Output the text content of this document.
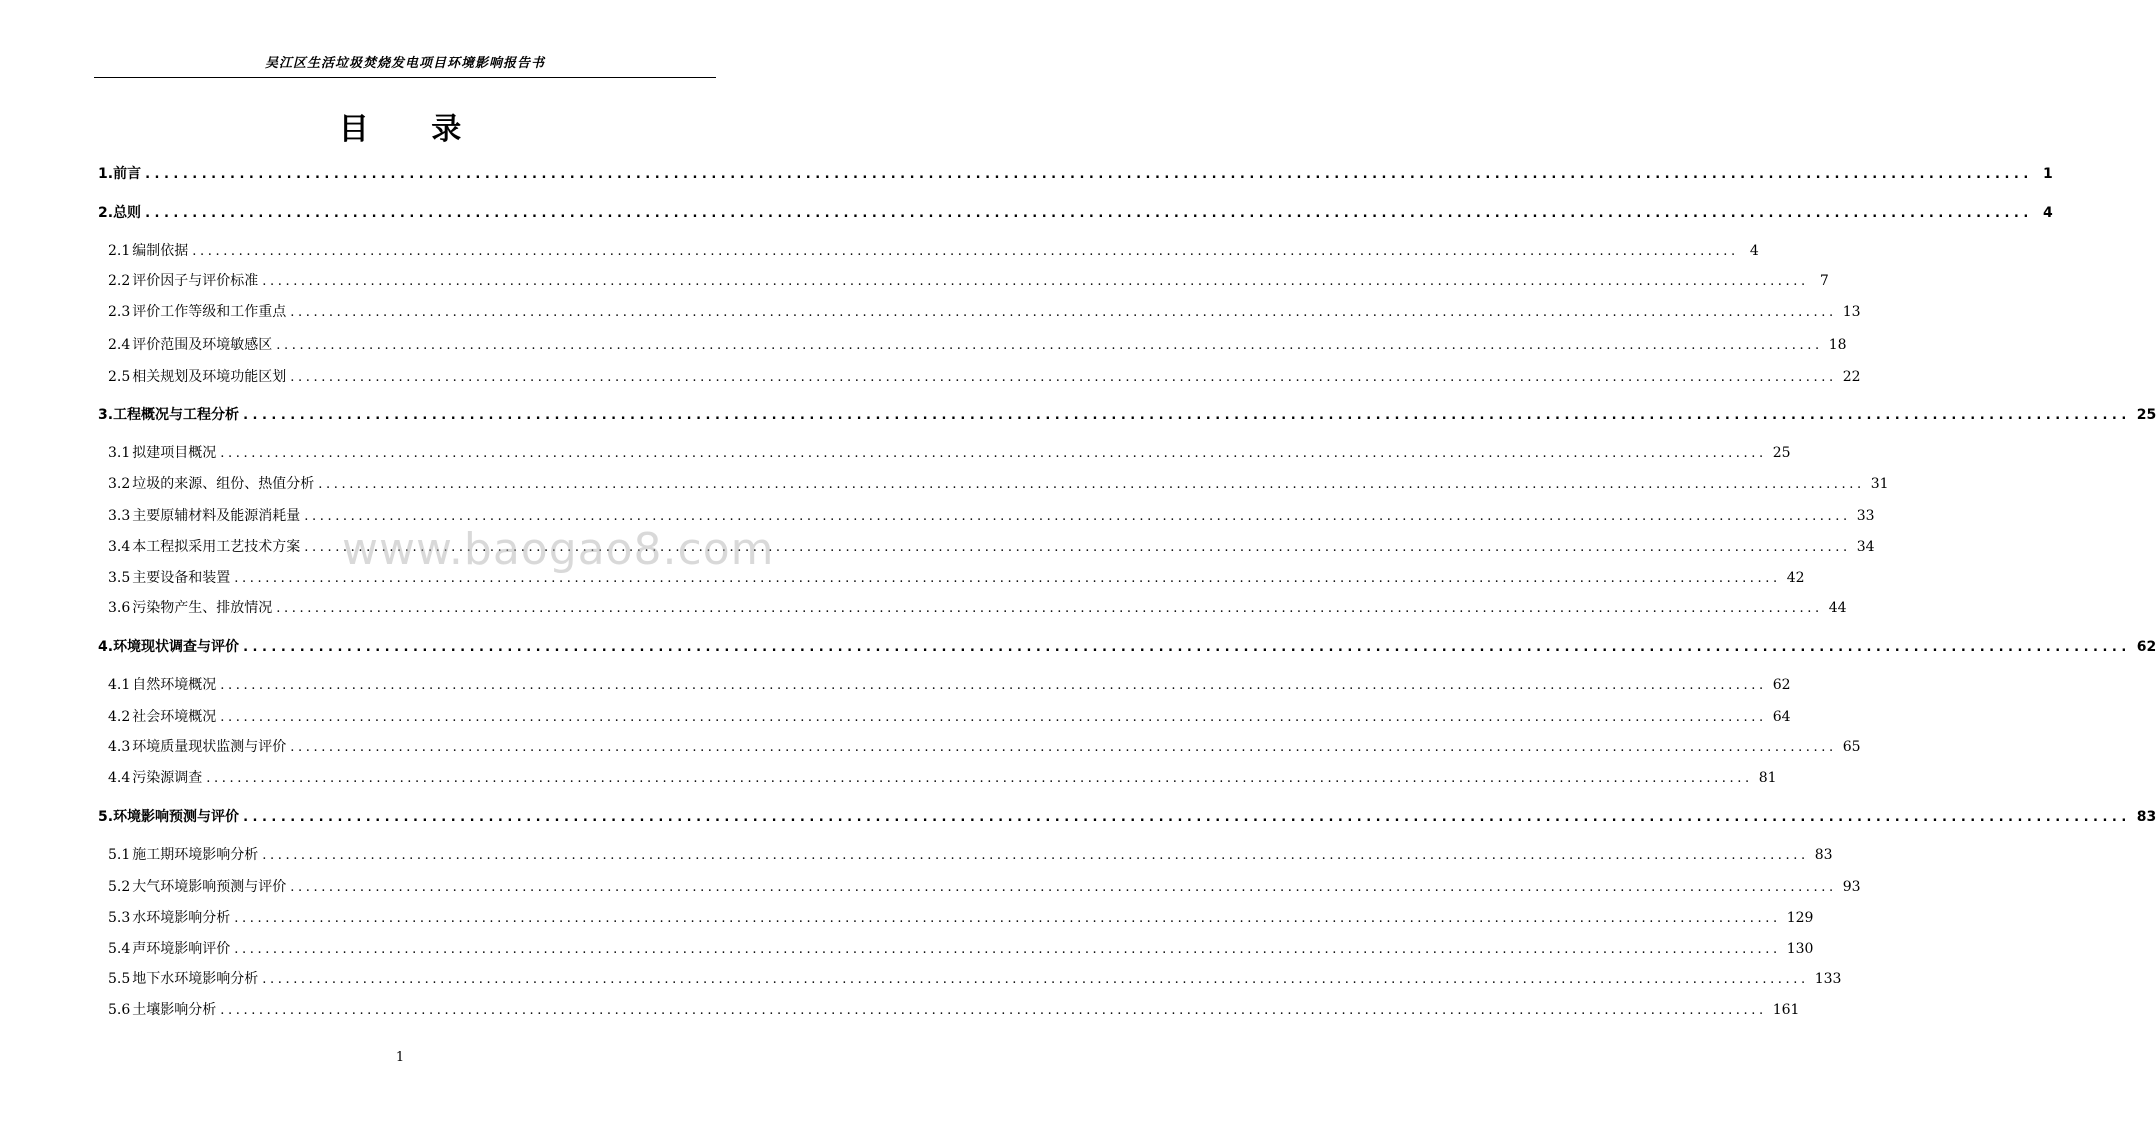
吴江区生活垃圾焚烧发电项目环境影响报告书
目 录
1. 前言 ........................................................................................................................................................................................................ 1
2. 总则 ........................................................................................................................................................................................................ 4
2.1 编制依据 ........................................................................................................................................................................................................ 4
2.2 评价因子与评价标准 ........................................................................................................................................................................................................ 7
2.3 评价工作等级和工作重点 ........................................................................................................................................................................................................ 13
2.4 评价范围及环境敏感区 ........................................................................................................................................................................................................ 18
2.5 相关规划及环境功能区划 ........................................................................................................................................................................................................ 22
3. 工程概况与工程分析 ........................................................................................................................................................................................................ 25
3.1 拟建项目概况 ........................................................................................................................................................................................................ 25
3.2 垃圾的来源、组份、热值分析 ........................................................................................................................................................................................................ 31
3.3 主要原辅材料及能源消耗量 ........................................................................................................................................................................................................ 33
3.4 本工程拟采用工艺技术方案 ........................................................................................................................................................................................................ 34
3.5 主要设备和装置 ........................................................................................................................................................................................................ 42
3.6 污染物产生、排放情况 ........................................................................................................................................................................................................ 44
4. 环境现状调查与评价 ........................................................................................................................................................................................................ 62
4.1 自然环境概况 ........................................................................................................................................................................................................ 62
4.2 社会环境概况 ........................................................................................................................................................................................................ 64
4.3 环境质量现状监测与评价 ........................................................................................................................................................................................................ 65
4.4 污染源调查 ........................................................................................................................................................................................................ 81
5. 环境影响预测与评价 ........................................................................................................................................................................................................ 83
5.1 施工期环境影响分析 ........................................................................................................................................................................................................ 83
5.2 大气环境影响预测与评价 ........................................................................................................................................................................................................ 93
5.3 水环境影响分析 ........................................................................................................................................................................................................ 129
5.4 声环境影响评价 ........................................................................................................................................................................................................ 130
5.5 地下水环境影响分析 ........................................................................................................................................................................................................ 133
5.6 土壤影响分析 ........................................................................................................................................................................................................ 161
www.baogao8.com
1
